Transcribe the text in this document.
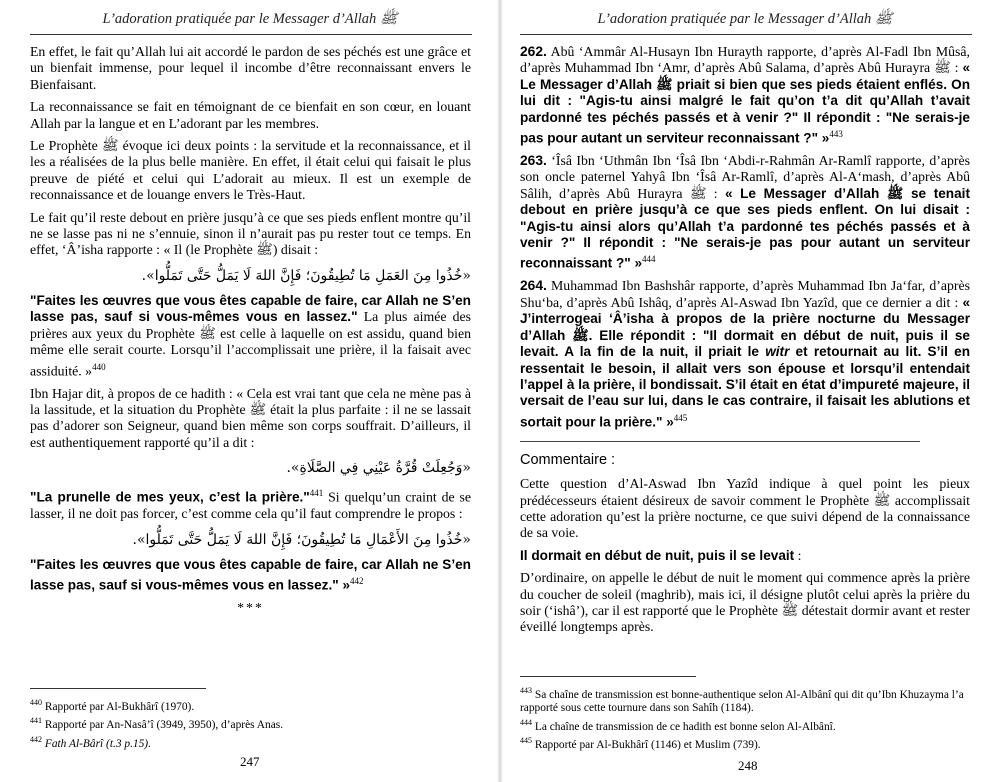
L’adoration pratiquée par le Messager d’Allah ﷺ

En effet, le fait qu’Allah lui ait accordé le pardon de ses péchés est une grâce et un bienfait immense, pour lequel il incombe d’être reconnaissant envers le Bienfaisant.

La reconnaissance se fait en témoignant de ce bienfait en son cœur, en louant Allah par la langue et en L’adorant par les membres.

Le Prophète ﷺ évoque ici deux points : la servitude et la reconnaissance, et il les a réalisées de la plus belle manière. En effet, il était celui qui faisait le plus preuve de piété et celui qui L’adorait au mieux. Il est un exemple de reconnaissance et de louange envers le Très-Haut.

Le fait qu’il reste debout en prière jusqu’à ce que ses pieds enflent montre qu’il ne se lasse pas ni ne s’ennuie, sinon il n’aurait pas pu rester tout ce temps. En effet, ‘Â’isha rapporte : « Il (le Prophète ﷺ) disait :

«خُذُوا مِنَ العَمَلِ مَا تُطِيقُونَ؛ فَإِنَّ اللهَ لَا يَمَلُّ حَتَّى تَمَلُّوا».

"Faites les œuvres que vous êtes capable de faire, car Allah ne S’en lasse pas, sauf si vous-mêmes vous en lassez." La plus aimée des prières aux yeux du Prophète ﷺ est celle à laquelle on est assidu, quand bien même elle serait courte. Lorsqu’il l’accomplissait une prière, il la faisait avec assiduité. »$^{440}$

Ibn Hajar dit, à propos de ce hadith : « Cela est vrai tant que cela ne mène pas à la lassitude, et la situation du Prophète ﷺ était la plus parfaite : il ne se lassait pas d’adorer son Seigneur, quand bien même son corps souffrait. D’ailleurs, il est authentiquement rapporté qu’il a dit :

«وَجُعِلَتْ قُرَّةُ عَيْنِي فِي الصَّلَاةِ».

"La prunelle de mes yeux, c’est la prière."$^{441}$ Si quelqu’un craint de se lasser, il ne doit pas forcer, c’est comme cela qu’il faut comprendre le propos :

«خُذُوا مِنَ الأَعْمَالِ مَا تُطِيقُونَ؛ فَإِنَّ اللهَ لَا يَمَلُّ حَتَّى تَمَلُّوا».

"Faites les œuvres que vous êtes capable de faire, car Allah ne S’en lasse pas, sauf si vous-mêmes vous en lassez." »$^{442}$

***
$^{440}$ Rapporté par Al-Bukhârî (1970).
$^{441}$ Rapporté par An-Nasâ’î (3949, 3950), d’après Anas.
$^{442}$ Fath Al-Bârî (t.3 p.15).
247
L’adoration pratiquée par le Messager d’Allah ﷺ

262. Abû ‘Ammâr Al-Husayn Ibn Hurayth rapporte, d’après Al-Fadl Ibn Mûsâ, d’après Muhammad Ibn ‘Amr, d’après Abû Salama, d’après Abû Hurayra ﷺ : « Le Messager d’Allah ﷺ priait si bien que ses pieds étaient enflés. On lui dit : "Agis-tu ainsi malgré le fait qu’on t’a dit qu’Allah t’avait pardonné tes péchés passés et à venir ?" Il répondit : "Ne serais-je pas pour autant un serviteur reconnaissant ?" »$^{443}$

263. ‘Îsâ Ibn ‘Uthmân Ibn ‘Îsâ Ibn ‘Abdi-r-Rahmân Ar-Ramlî rapporte, d’après son oncle paternel Yahyâ Ibn ‘Îsâ Ar-Ramlî, d’après Al-A‘mash, d’après Abû Sâlih, d’après Abû Hurayra ﷺ : « Le Messager d’Allah ﷺ se tenait debout en prière jusqu’à ce que ses pieds enflent. On lui disait : "Agis-tu ainsi alors qu’Allah t’a pardonné tes péchés passés et à venir ?" Il répondit : "Ne serais-je pas pour autant un serviteur reconnaissant ?" »$^{444}$

264. Muhammad Ibn Bashshâr rapporte, d’après Muhammad Ibn Ja‘far, d’après Shu‘ba, d’après Abû Ishâq, d’après Al-Aswad Ibn Yazîd, que ce dernier a dit : « J’interrogeai ‘Â’isha à propos de la prière nocturne du Messager d’Allah ﷺ. Elle répondit : "Il dormait en début de nuit, puis il se levait. A la fin de la nuit, il priait le witr et retournait au lit. S’il en ressentait le besoin, il allait vers son épouse et lorsqu’il entendait l’appel à la prière, il bondissait. S’il était en état d’impureté majeure, il versait de l’eau sur lui, dans le cas contraire, il faisait les ablutions et sortait pour la prière." »$^{445}$

Commentaire :

Cette question d’Al-Aswad Ibn Yazîd indique à quel point les pieux prédécesseurs étaient désireux de savoir comment le Prophète ﷺ accomplissait cette adoration qu’est la prière nocturne, ce que suivi dépend de la connaissance de sa voie.

Il dormait en début de nuit, puis il se levait :

D’ordinaire, on appelle le début de nuit le moment qui commence après la prière du coucher de soleil (maghrib), mais ici, il désigne plutôt celui après la prière du soir (‘ishâ’), car il est rapporté que le Prophète ﷺ détestait dormir avant et rester éveillé longtemps après.

$^{443}$ Sa chaîne de transmission est bonne-authentique selon Al-Albânî qui dit qu’Ibn Khuzayma l’a rapporté sous cette tournure dans son Sahîh (1184).
$^{444}$ La chaîne de transmission de ce hadith est bonne selon Al-Albânî.
$^{445}$ Rapporté par Al-Bukhârî (1146) et Muslim (739).
248
